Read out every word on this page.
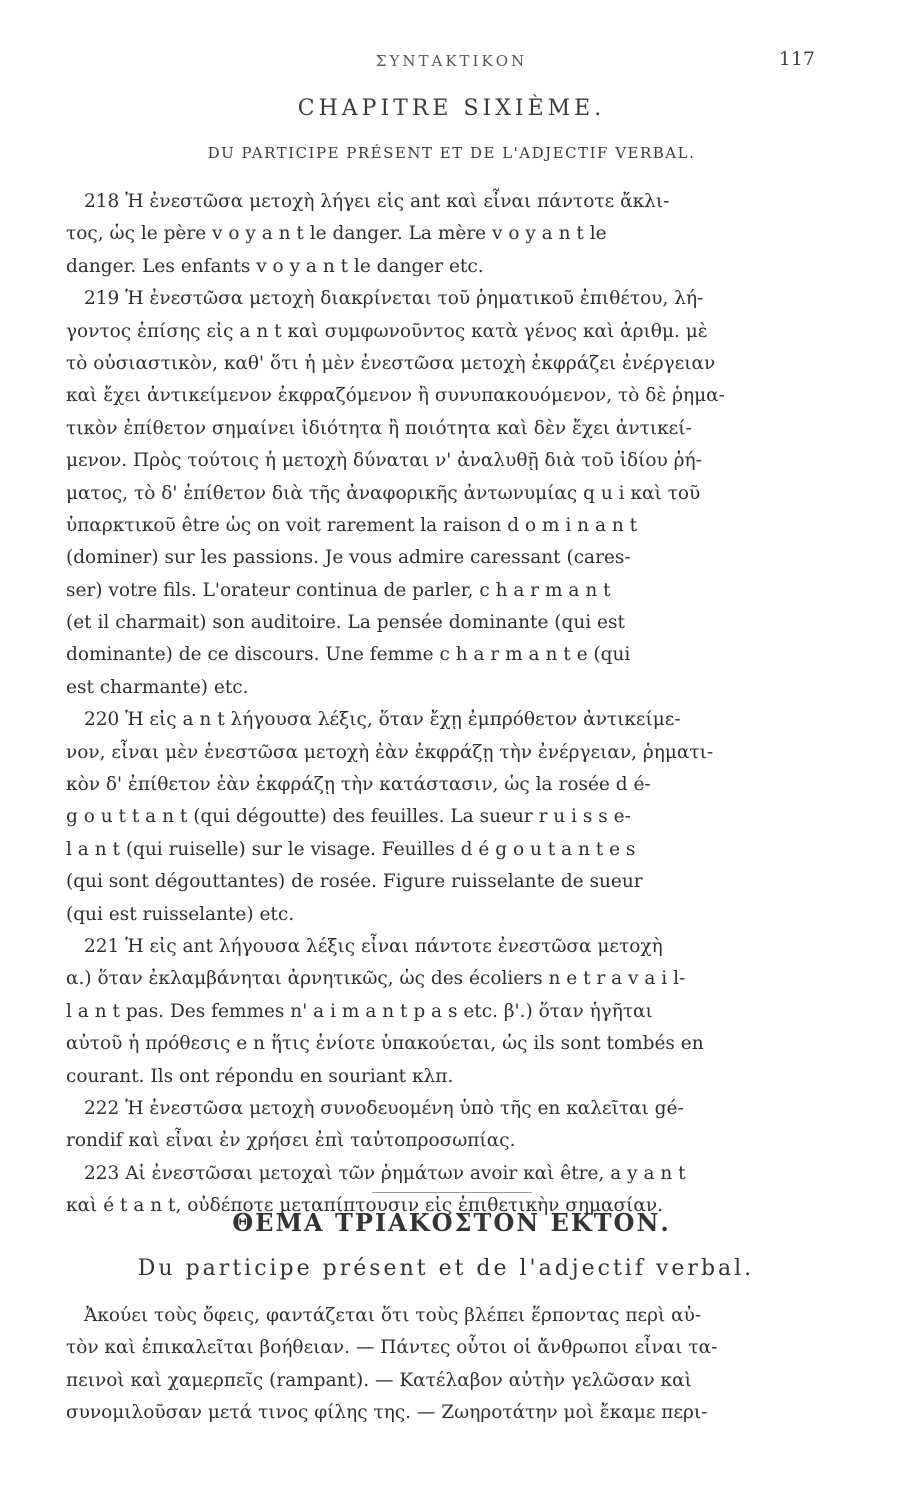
ΣΥΝΤΑΚΤΙΚΟΝ	117
CHAPITRE SIXIÈME.
DU PARTICIPE PRÉSENT ET DE L'ADJECTIF VERBAL.
218 Ἡ ἐνεστῶσα μετοχὴ λήγει εἰς ant καὶ εἶναι πάντοτε ἄκλι-
τος, ὡς le père v o y a n t le danger. La mère v o y a n t le
danger. Les enfants v o y a n t le danger etc.
219 Ἡ ἐνεστῶσα μετοχὴ διακρίνεται τοῦ ῥηματικοῦ ἐπιθέτου, λή-
γοντος ἐπίσης εἰς a n t καὶ συμφωνοῦντος κατὰ γένος καὶ ἀριθμ. μὲ
τὸ οὐσιαστικὸν, καθ' ὅτι ἡ μὲν ἐνεστῶσα μετοχὴ ἐκφράζει ἐνέργειαν
καὶ ἔχει ἀντικείμενον ἐκφραζόμενον ἢ συνυπακουόμενον, τὸ δὲ ῥημα-
τικὸν ἐπίθετον σημαίνει ἰδιότητα ἢ ποιότητα καὶ δὲν ἔχει ἀντικεί-
μενον. Πρὸς τούτοις ἡ μετοχὴ δύναται ν' ἀναλυθῇ διὰ τοῦ ἰδίου ῥή-
ματος, τὸ δ' ἐπίθετον διὰ τῆς ἀναφορικῆς ἀντωνυμίας q u i καὶ τοῦ
ὑπαρκτικοῦ être ὡς on voit rarement la raison d o m i n a n t
(dominer) sur les passions. Je vous admire caressant (cares-
ser) votre fils. L'orateur continua de parler, c h a r m a n t
(et il charmait) son auditoire. La pensée dominante (qui est
dominante) de ce discours. Une femme c h a r m a n t e (qui
est charmante) etc.
220 Ἡ εἰς a n t λήγουσα λέξις, ὅταν ἔχῃ ἐμπρόθετον ἀντικείμε-
νον, εἶναι μὲν ἐνεστῶσα μετοχὴ ἐὰν ἐκφράζῃ τὴν ἐνέργειαν, ῥηματι-
κὸν δ' ἐπίθετον ἐὰν ἐκφράζῃ τὴν κατάστασιν, ὡς la rosée d é-
g o u t t a n t (qui dégoutte) des feuilles. La sueur r u i s s e-
l a n t (qui ruiselle) sur le visage. Feuilles d é g o u t a n t e s
(qui sont dégouttantes) de rosée. Figure ruisselante de sueur
(qui est ruisselante) etc.
221 Ἡ εἰς ant λήγουσα λέξις εἶναι πάντοτε ἐνεστῶσα μετοχὴ
α.) ὅταν ἐκλαμβάνηται ἀρνητικῶς, ὡς des écoliers n e t r a v a i l-
l a n t pas. Des femmes n' a i m a n t p a s etc. β'.) ὅταν ἡγῆται
αὐτοῦ ἡ πρόθεσις e n ἥτις ἐνίοτε ὑπακούεται, ὡς ils sont tombés en
courant. Ils ont répondu en souriant κλπ.
222 Ἡ ἐνεστῶσα μετοχὴ συνοδευομένη ὑπὸ τῆς en καλεῖται gé-
rondif καὶ εἶναι ἐν χρήσει ἐπὶ ταὐτοπροσωπίας.
223 Αἱ ἐνεστῶσαι μετοχαὶ τῶν ῥημάτων avoir καὶ être, a y a n t
καὶ é t a n t, οὐδέποτε μεταπίπτουσιν εἰς ἐπιθετικὴν σημασίαν.
ΘΕΜΑ ΤΡΙΑΚΟΣΤΟΝ ΕΚΤΟΝ.
Du participe présent et de l'adjectif verbal.
Ἀκούει τοὺς ὄφεις, φαντάζεται ὅτι τοὺς βλέπει ἕρποντας περὶ αὐ-
τὸν καὶ ἐπικαλεῖται βοήθειαν. — Πάντες οὗτοι οἱ ἄνθρωποι εἶναι τα-
πεινοὶ καὶ χαμερπεῖς (rampant). — Κατέλαβον αὐτὴν γελῶσαν καὶ
συνομιλοῦσαν μετά τινος φίλης της. — Ζωηροτάτην μοὶ ἔκαμε περι-
